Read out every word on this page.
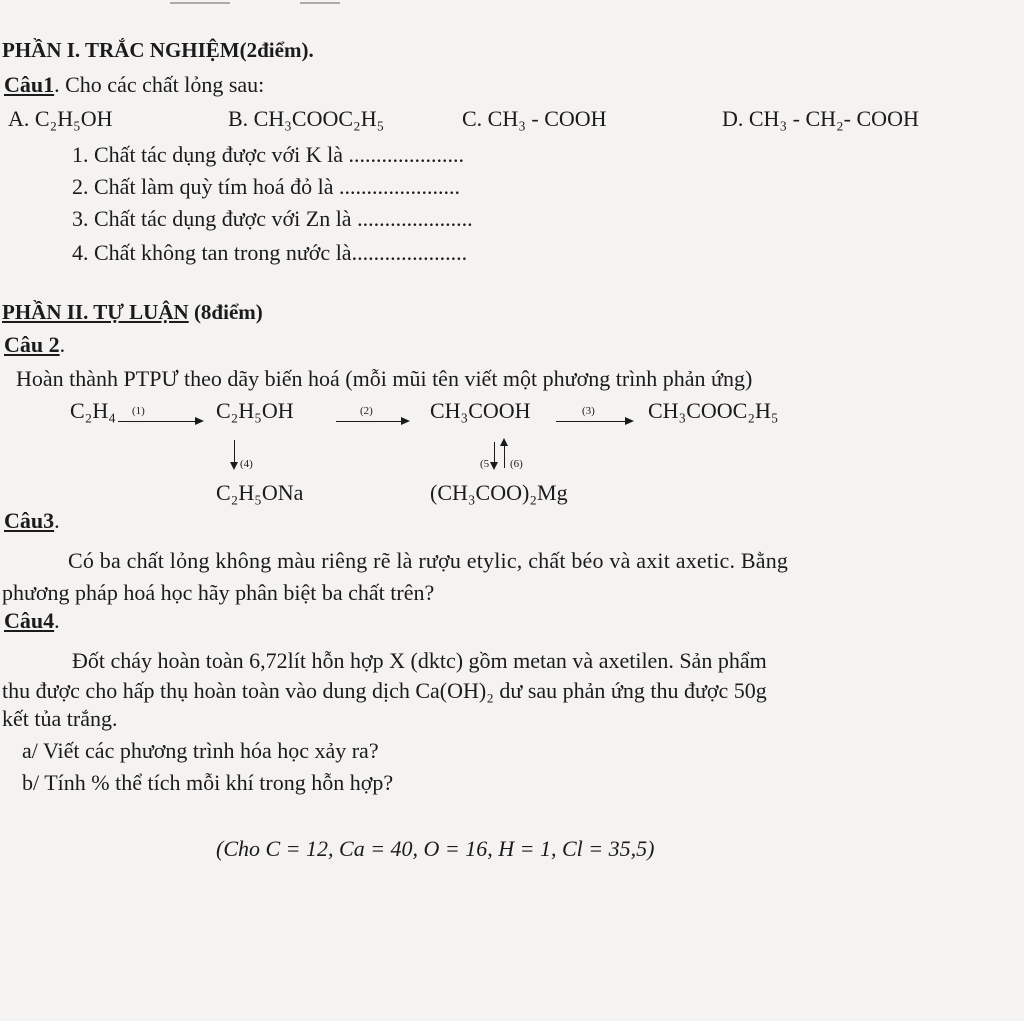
PHẦN I. TRẮC NGHIỆM(2điểm).
Câu1. Cho các chất lỏng sau:
A. C₂H₅OH	B. CH₃COOC₂H₅	C. CH₃ - COOH	D. CH₃ - CH₂- COOH
1. Chất tác dụng được với K là .....................
2. Chất làm quỳ tím hoá đỏ là ......................
3. Chất tác dụng được với Zn là .....................
4. Chất không tan trong nước là.....................
PHẦN II. TỰ LUẬN (8điểm)
Câu 2.
Hoàn thành PTPƯ theo dãy biến hoá (mỗi mũi tên viết một phương trình phản ứng)
C₂H₄ (1)	C₂H₅OH	(2)	CH₃COOH	(3) CH₃COOC₂H₅
(4)	(5 (6)
C₂H₅ONa	(CH₃COO)₂Mg
Câu3.
Có ba chất lỏng không màu riêng rẽ là rượu etylic, chất béo và axit axetic. Bằng
phương pháp hoá học hãy phân biệt ba chất trên?
Câu4.
Đốt cháy hoàn toàn 6,72lít hỗn hợp X (dktc) gồm metan và axetilen. Sản phẩm
thu được cho hấp thụ hoàn toàn vào dung dịch Ca(OH)₂ dư sau phản ứng thu được 50g
kết tủa trắng.
a/ Viết các phương trình hóa học xảy ra?
b/ Tính % thể tích mỗi khí trong hỗn hợp?
(Cho C = 12, Ca = 40, O = 16, H = 1, Cl = 35,5)
